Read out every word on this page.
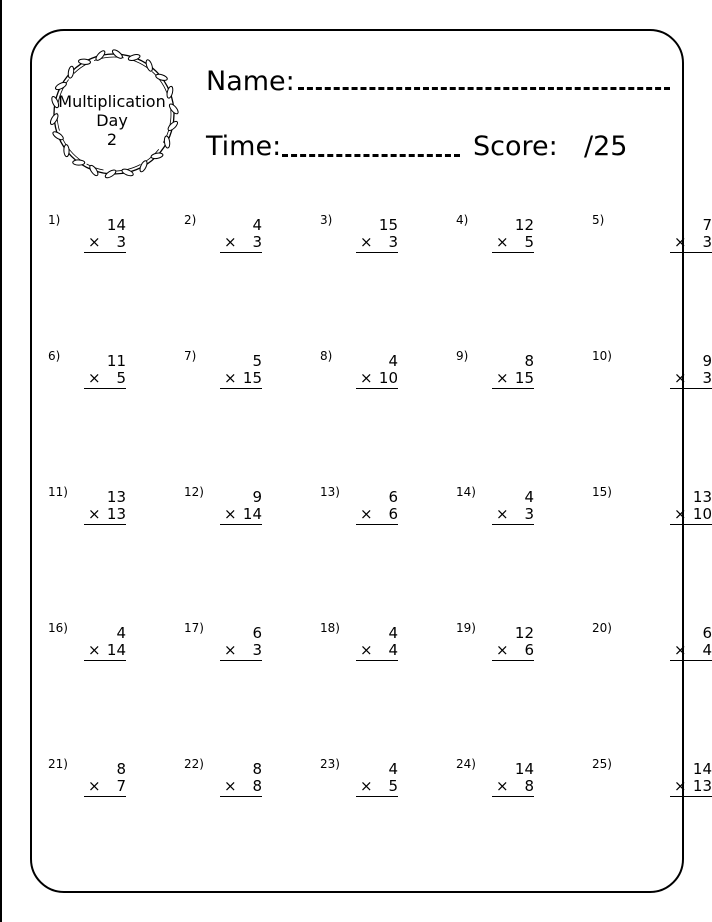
Multiplication
Day
2
Name:
Time:	Score: /25
1)	14
× 3
2)	4
× 3
3)	15
× 3
4)	12
× 5
5)	7
× 3
6)	11
× 5
7)	5
× 15
8)	4
× 10
9)	8
× 15
10)	9
× 3
11)	13
× 13
12)	9
× 14
13)	6
× 6
14)	4
× 3
15)	13
× 10
16)	4
× 14
17)	6
× 3
18)	4
× 4
19)	12
× 6
20)	6
× 4
21)	8
× 7
22)	8
× 8
23)	4
× 5
24)	14
× 8
25)	14
× 13
